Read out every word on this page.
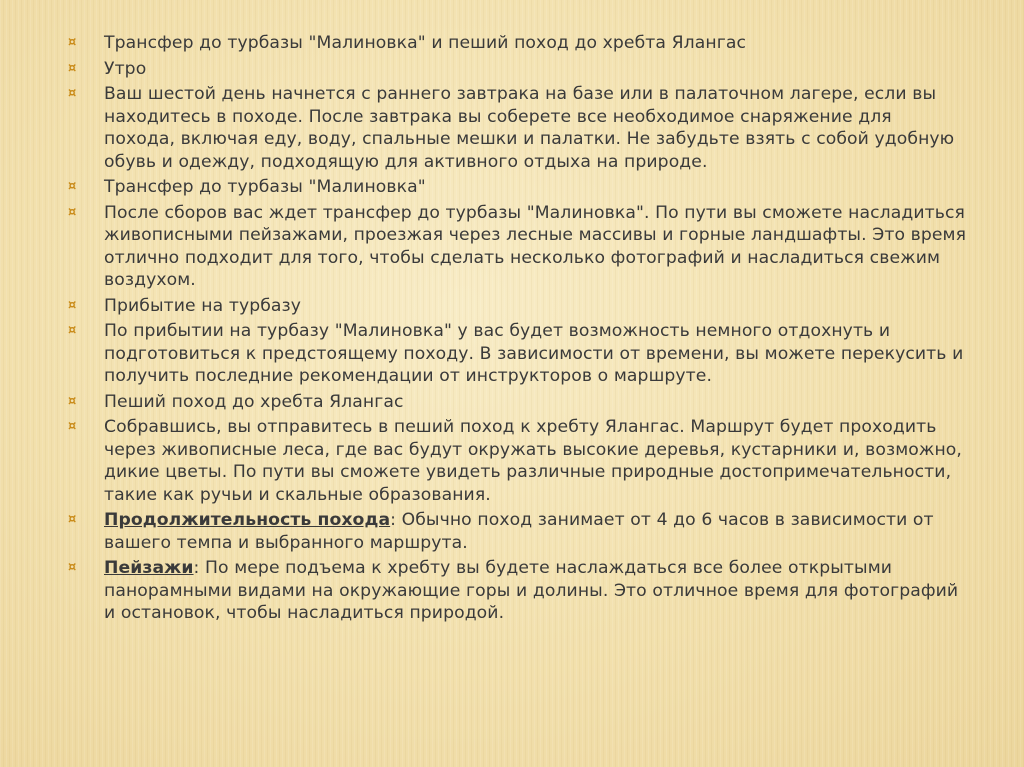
¤	Трансфер до турбазы "Малиновка" и пеший поход до хребта Ялангас
¤	Утро
¤	Ваш шестой день начнется с раннего завтрака на базе или в палаточном лагере, если вы находитесь в походе. После завтрака вы соберете все необходимое снаряжение для похода, включая еду, воду, спальные мешки и палатки. Не забудьте взять с собой удобную обувь и одежду, подходящую для активного отдыха на природе.
¤	Трансфер до турбазы "Малиновка"
¤	После сборов вас ждет трансфер до турбазы "Малиновка". По пути вы сможете насладиться живописными пейзажами, проезжая через лесные массивы и горные ландшафты. Это время отлично подходит для того, чтобы сделать несколько фотографий и насладиться свежим воздухом.
¤	Прибытие на турбазу
¤	По прибытии на турбазу "Малиновка" у вас будет возможность немного отдохнуть и подготовиться к предстоящему походу. В зависимости от времени, вы можете перекусить и получить последние рекомендации от инструкторов о маршруте.
¤	Пеший поход до хребта Ялангас
¤	Собравшись, вы отправитесь в пеший поход к хребту Ялангас. Маршрут будет проходить через живописные леса, где вас будут окружать высокие деревья, кустарники и, возможно, дикие цветы. По пути вы сможете увидеть различные природные достопримечательности, такие как ручьи и скальные образования.
¤	Продолжительность похода: Обычно поход занимает от 4 до 6 часов в зависимости от вашего темпа и выбранного маршрута.
¤	Пейзажи: По мере подъема к хребту вы будете наслаждаться все более открытыми панорамными видами на окружающие горы и долины. Это отличное время для фотографий и остановок, чтобы насладиться природой.
